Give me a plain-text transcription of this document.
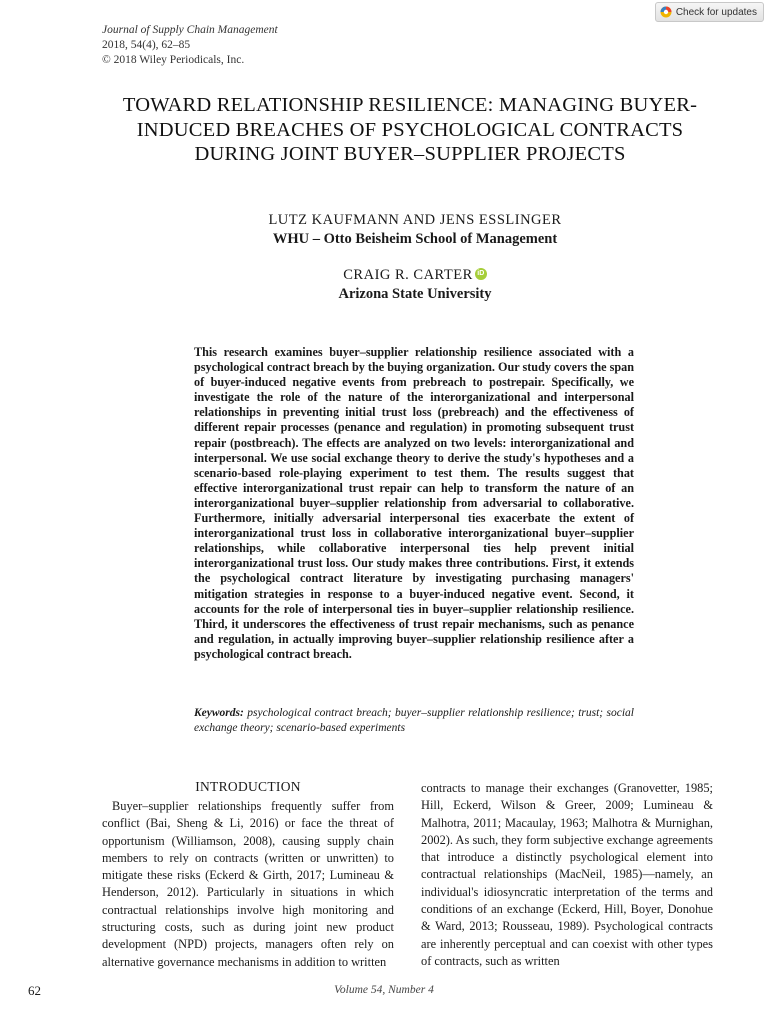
Journal of Supply Chain Management
2018, 54(4), 62–85
© 2018 Wiley Periodicals, Inc.
Check for updates
TOWARD RELATIONSHIP RESILIENCE: MANAGING BUYER-INDUCED BREACHES OF PSYCHOLOGICAL CONTRACTS DURING JOINT BUYER–SUPPLIER PROJECTS
LUTZ KAUFMANN AND JENS ESSLINGER
WHU – Otto Beisheim School of Management
CRAIG R. CARTER iD
Arizona State University

This research examines buyer–supplier relationship resilience associated with a psychological contract breach by the buying organization. Our study covers the span of buyer-induced negative events from prebreach to postrepair. Specifically, we investigate the role of the nature of the interorganizational and interpersonal relationships in preventing initial trust loss (prebreach) and the effectiveness of different repair processes (penance and regulation) in promoting subsequent trust repair (postbreach). The effects are analyzed on two levels: interorganizational and interpersonal. We use social exchange theory to derive the study's hypotheses and a scenario-based role-playing experiment to test them. The results suggest that effective interorganizational trust repair can help to transform the nature of an interorganizational buyer–supplier relationship from adversarial to collaborative. Furthermore, initially adversarial interpersonal ties exacerbate the extent of interorganizational trust loss in collaborative interorganizational buyer–supplier relationships, while collaborative interpersonal ties help prevent initial interorganizational trust loss. Our study makes three contributions. First, it extends the psychological contract literature by investigating purchasing managers' mitigation strategies in response to a buyer-induced negative event. Second, it accounts for the role of interpersonal ties in buyer–supplier relationship resilience. Third, it underscores the effectiveness of trust repair mechanisms, such as penance and regulation, in actually improving buyer–supplier relationship resilience after a psychological contract breach.

Keywords: psychological contract breach; buyer–supplier relationship resilience; trust; social exchange theory; scenario-based experiments

INTRODUCTION

Buyer–supplier relationships frequently suffer from conflict (Bai, Sheng & Li, 2016) or face the threat of opportunism (Williamson, 2008), causing supply chain members to rely on contracts (written or unwritten) to mitigate these risks (Eckerd & Girth, 2017; Lumineau & Henderson, 2012). Particularly in situations in which contractual relationships involve high monitoring and structuring costs, such as during joint new product development (NPD) projects, managers often rely on alternative governance mechanisms in addition to written

contracts to manage their exchanges (Granovetter, 1985; Hill, Eckerd, Wilson & Greer, 2009; Lumineau & Malhotra, 2011; Macaulay, 1963; Malhotra & Murnighan, 2002). As such, they form subjective exchange agreements that introduce a distinctly psychological element into contractual relationships (MacNeil, 1985)—namely, an individual's idiosyncratic interpretation of the terms and conditions of an exchange (Eckerd, Hill, Boyer, Donohue & Ward, 2013; Rousseau, 1989). Psychological contracts are inherently perceptual and can coexist with other types of contracts, such as written

62	Volume 54, Number 4
